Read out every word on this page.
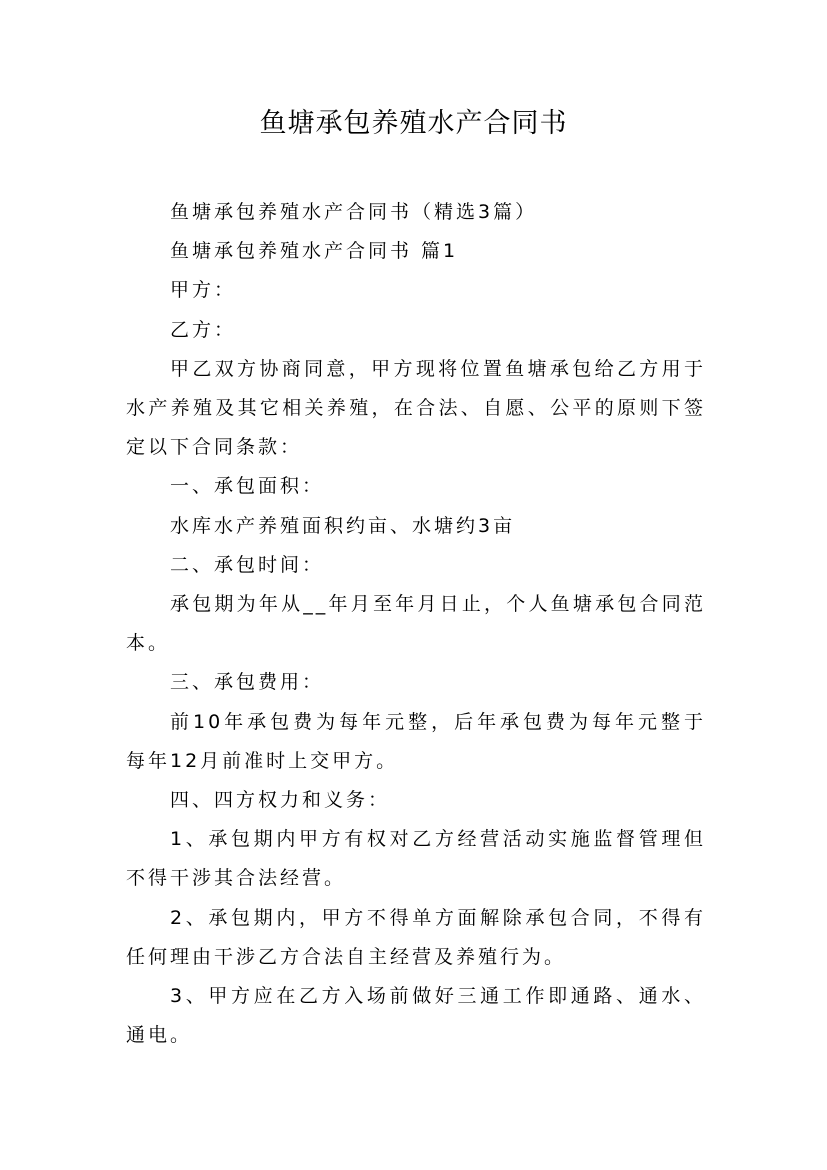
鱼塘承包养殖水产合同书

鱼塘承包养殖水产合同书（精选3篇）

鱼塘承包养殖水产合同书 篇1

甲方：

乙方：

甲乙双方协商同意，甲方现将位置鱼塘承包给乙方用于水产养殖及其它相关养殖，在合法、自愿、公平的原则下签定以下合同条款：

一、承包面积：

水库水产养殖面积约亩、水塘约3亩

二、承包时间：

承包期为年从__年月至年月日止，个人鱼塘承包合同范本。

三、承包费用：

前10年承包费为每年元整，后年承包费为每年元整于每年12月前准时上交甲方。

四、四方权力和义务：

1、承包期内甲方有权对乙方经营活动实施监督管理但不得干涉其合法经营。

2、承包期内，甲方不得单方面解除承包合同，不得有任何理由干涉乙方合法自主经营及养殖行为。

3、甲方应在乙方入场前做好三通工作即通路、通水、通电。
